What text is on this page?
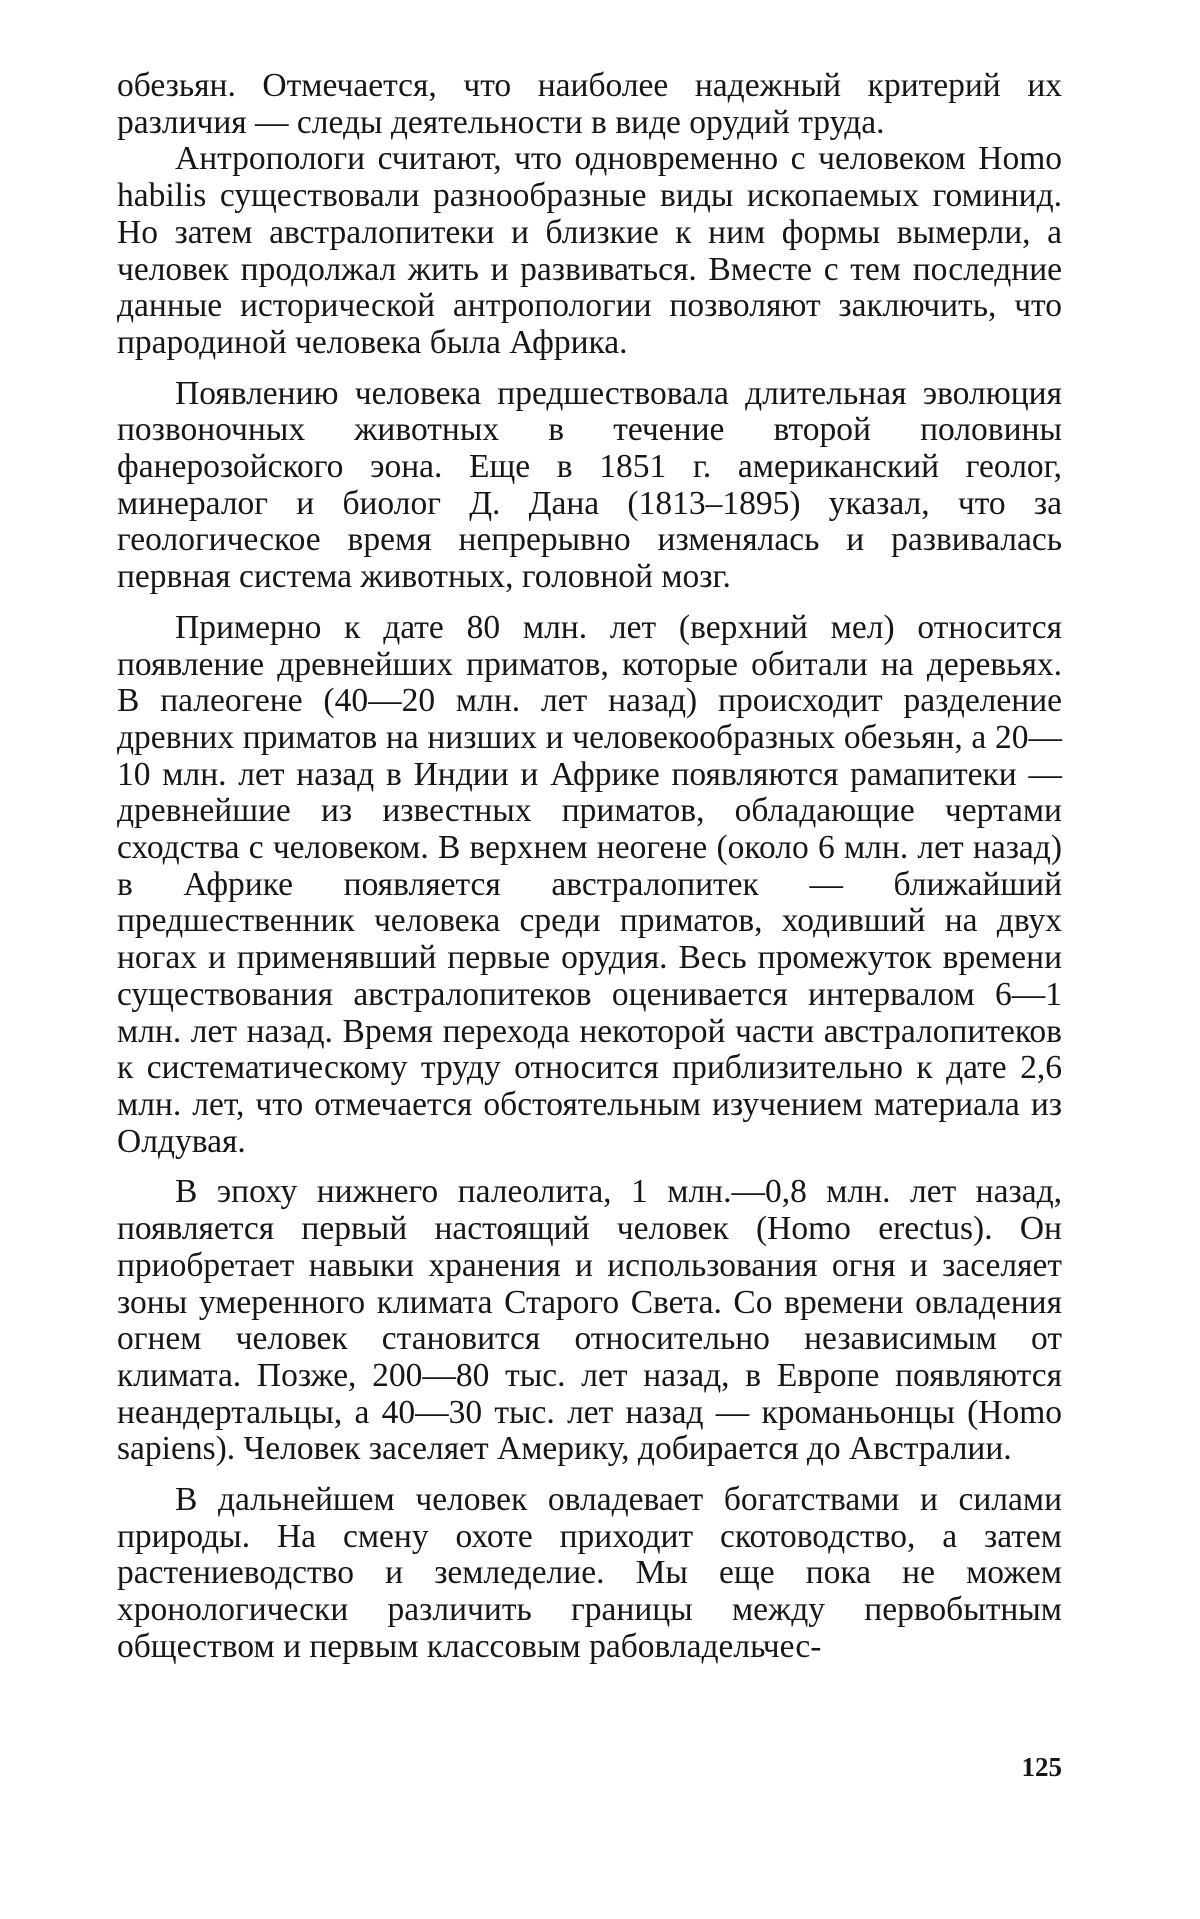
обезьян. Отмечается, что наиболее надежный критерий их различия — следы деятельности в виде орудий труда.

Антропологи считают, что одновременно с человеком Homo habilis существовали разнообразные виды ископаемых гоминид. Но затем австралопитеки и близкие к ним формы вымерли, а человек продолжал жить и развиваться. Вместе с тем последние данные исторической антропологии позволяют заключить, что прародиной человека была Африка.

Появлению человека предшествовала длительная эволюция позвоночных животных в течение второй половины фанерозойского эона. Еще в 1851 г. американский геолог, минералог и биолог Д. Дана (1813–1895) указал, что за геологическое время непрерывно изменялась и развивалась первная система животных, головной мозг.

Примерно к дате 80 млн. лет (верхний мел) относится появление древнейших приматов, которые обитали на деревьях. В палеогене (40—20 млн. лет назад) происходит разделение древних приматов на низших и человекообразных обезьян, а 20—10 млн. лет назад в Индии и Африке появляются рамапитеки — древнейшие из известных приматов, обладающие чертами сходства с человеком. В верхнем неогене (около 6 млн. лет назад) в Африке появляется австралопитек — ближайший предшественник человека среди приматов, ходивший на двух ногах и применявший первые орудия. Весь промежуток времени существования австралопитеков оценивается интервалом 6—1 млн. лет назад. Время перехода некоторой части австралопитеков к систематическому труду относится приблизительно к дате 2,6 млн. лет, что отмечается обстоятельным изучением материала из Олдувая.

В эпоху нижнего палеолита, 1 млн.—0,8 млн. лет назад, появляется первый настоящий человек (Homo erectus). Он приобретает навыки хранения и использования огня и заселяет зоны умеренного климата Старого Света. Со времени овладения огнем человек становится относительно независимым от климата. Позже, 200—80 тыс. лет назад, в Европе появляются неандертальцы, а 40—30 тыс. лет назад — кроманьонцы (Homo sapiens). Человек заселяет Америку, добирается до Австралии.

В дальнейшем человек овладевает богатствами и силами природы. На смену охоте приходит скотоводство, а затем растениеводство и земледелие. Мы еще пока не можем хронологически различить границы между первобытным обществом и первым классовым рабовладельчес-

125
